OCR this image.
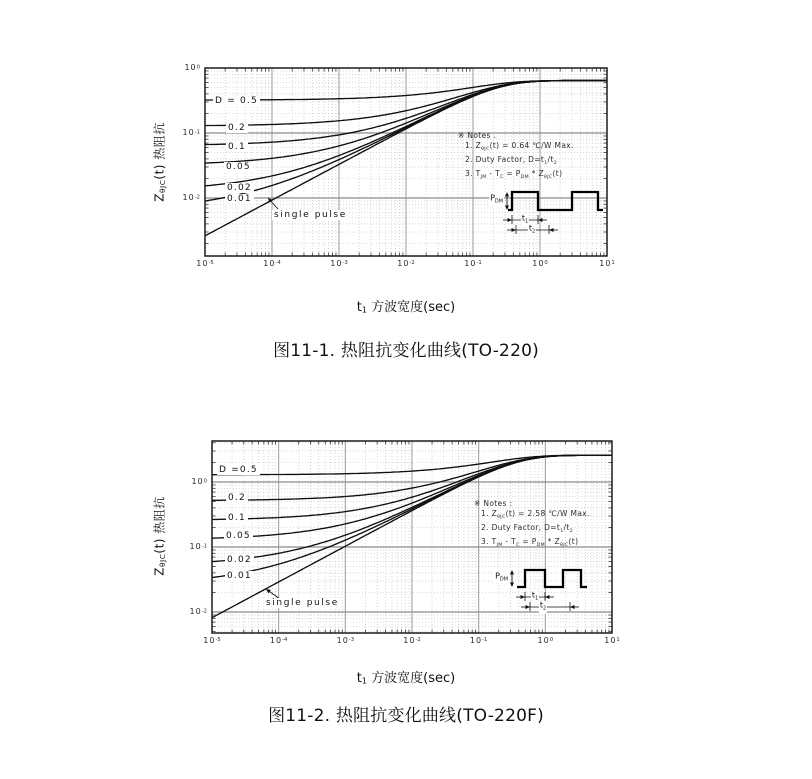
$Z_{\theta JC}(t)$ 热阻抗
$t_1$ 方波宽度(sec)
图11-1. 热阻抗变化曲线(TO-220)
※ Notes .
1. $Z_{\theta JC}(t) = 0.64$ ℃/W Max.
2. Duty Factor, $D=t_1/t_2$
3. $T_{JM} - T_C = P_{DM} * Z_{\theta JC}(t)$
$Z_{\theta JC}(t)$ 热阻抗
$t_1$ 方波宽度(sec)
图11-2. 热阻抗变化曲线(TO-220F)
※ Notes :
1. $Z_{\theta JC}(t) = 2.58$ ℃/W Max.
2. Duty Factor, $D=t_1/t_2$
3. $T_{JM} - T_C = P_{DM} * Z_{\theta JC}(t)$
$10^{-5}$	$10^{-4}$	$10^{-3}$	$10^{-2}$	$10^{-1}$	$10^0$	$10^1$
$10^0$
$10^{-1}$
$10^{-2}$
D = 0.5
0.2
0.1
0.05
0.02
0.01
single pulse
$P_{DM}$
$t_1$
$t_2$
$10^{-5}$	$10^{-4}$	$10^{-3}$	$10^{-2}$	$10^{-1}$	$10^0$	$10^1$
$10^0$
$10^{-1}$
$10^{-2}$
D =0.5
0.2
0.1
0.05
0.02
0.01
single pulse
$P_{DM}$
$t_1$
$t_2$
